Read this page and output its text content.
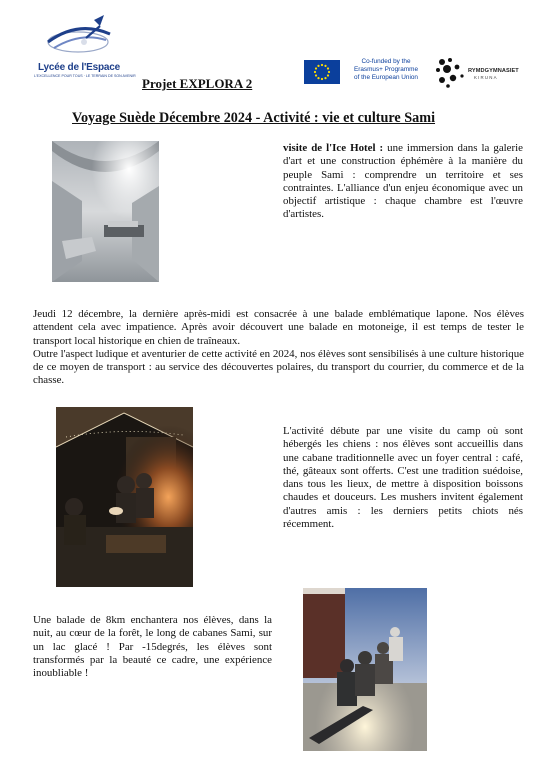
Lycée de l'Espace
L'EXCELLENCE POUR TOUS · LE TERRAIN DE SON AVENIR
Co-funded by the
Erasmus+ Programme
of the European Union
RYMDGYMNASIET
KIRUNA
Projet EXPLORA 2
Voyage Suède Décembre 2024 - Activité : vie et culture Sami
visite de l'Ice Hotel : une immersion dans la galerie d'art et une construction éphémère à la manière du peuple Sami : comprendre un territoire et ses contraintes. L'alliance d'un enjeu économique avec un objectif artistique : chaque chambre est l'œuvre d'artistes.
Jeudi 12 décembre, la dernière après-midi est consacrée à une balade emblématique lapone. Nos élèves attendent cela avec impatience. Après avoir découvert une balade en motoneige, il est temps de tester le transport local historique en chien de traîneaux.
Outre l'aspect ludique et aventurier de cette activité en 2024, nos élèves sont sensibilisés à une culture historique de ce moyen de transport : au service des découvertes polaires, du transport du courrier, du commerce et de la chasse.
L'activité débute par une visite du camp où sont hébergés les chiens : nos élèves sont accueillis dans une cabane traditionnelle avec un foyer central : café, thé, gâteaux sont offerts. C'est une tradition suédoise, dans tous les lieux, de mettre à disposition boissons chaudes et douceurs. Les mushers invitent également d'autres amis : les derniers petits chiots nés récemment.
Une balade de 8km enchantera nos élèves, dans la nuit, au cœur de la forêt, le long de cabanes Sami, sur un lac glacé ! Par -15degrés, les élèves sont transformés par la beauté ce cadre, une expérience inoubliable !
